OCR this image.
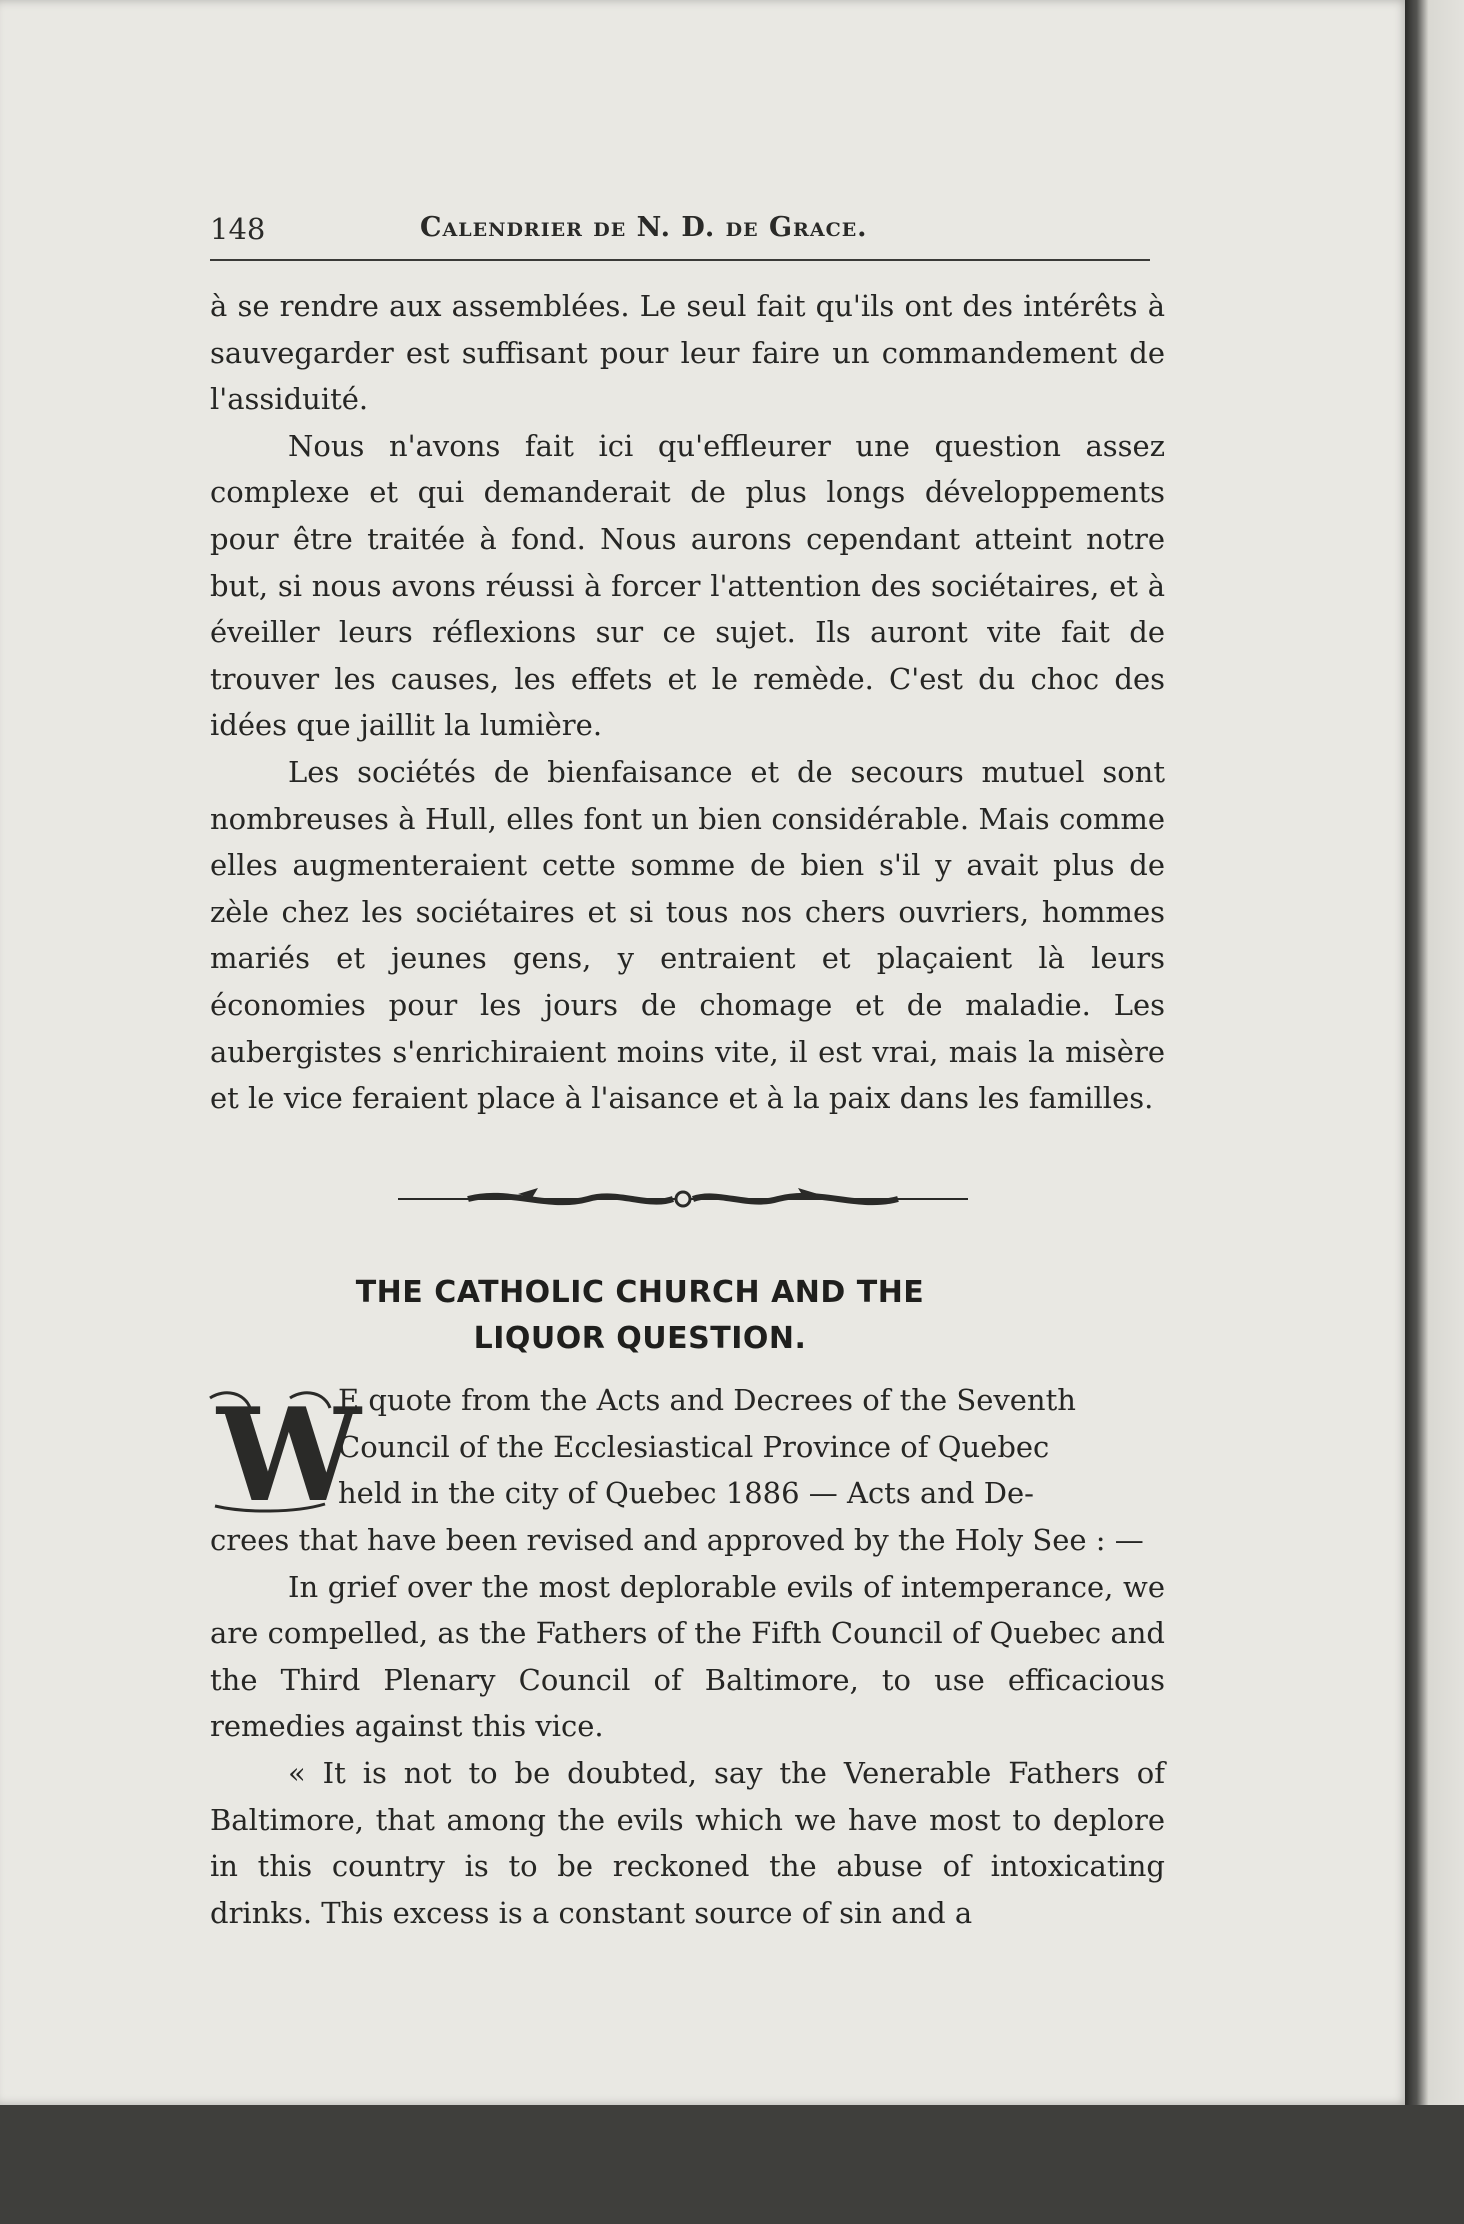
148	Calendrier de N. D. de Grace.

à se rendre aux assemblées. Le seul fait qu'ils ont des intérêts à sauvegarder est suffisant pour leur faire un commandement de l'assiduité.

Nous n'avons fait ici qu'effleurer une question assez complexe et qui demanderait de plus longs développements pour être traitée à fond. Nous aurons cependant atteint notre but, si nous avons réussi à forcer l'attention des sociétaires, et à éveiller leurs réflexions sur ce sujet. Ils auront vite fait de trouver les causes, les effets et le remède. C'est du choc des idées que jaillit la lumière.

Les sociétés de bienfaisance et de secours mutuel sont nombreuses à Hull, elles font un bien considérable. Mais comme elles augmenteraient cette somme de bien s'il y avait plus de zèle chez les sociétaires et si tous nos chers ouvriers, hommes mariés et jeunes gens, y entraient et plaçaient là leurs économies pour les jours de chomage et de maladie. Les aubergistes s'enrichiraient moins vite, il est vrai, mais la misère et le vice feraient place à l'aisance et à la paix dans les familles.

THE CATHOLIC CHURCH AND THE
LIQUOR QUESTION.
W

E quote from the Acts and Decrees of the Seventh

Council of the Ecclesiastical Province of Quebec

held in the city of Quebec 1886 — Acts and De-

crees that have been revised and approved by the Holy See : —

In grief over the most deplorable evils of intemperance, we are compelled, as the Fathers of the Fifth Council of Quebec and the Third Plenary Council of Baltimore, to use efficacious remedies against this vice.

« It is not to be doubted, say the Venerable Fathers of Baltimore, that among the evils which we have most to deplore in this country is to be reckoned the abuse of intoxicating drinks. This excess is a constant source of sin and a
